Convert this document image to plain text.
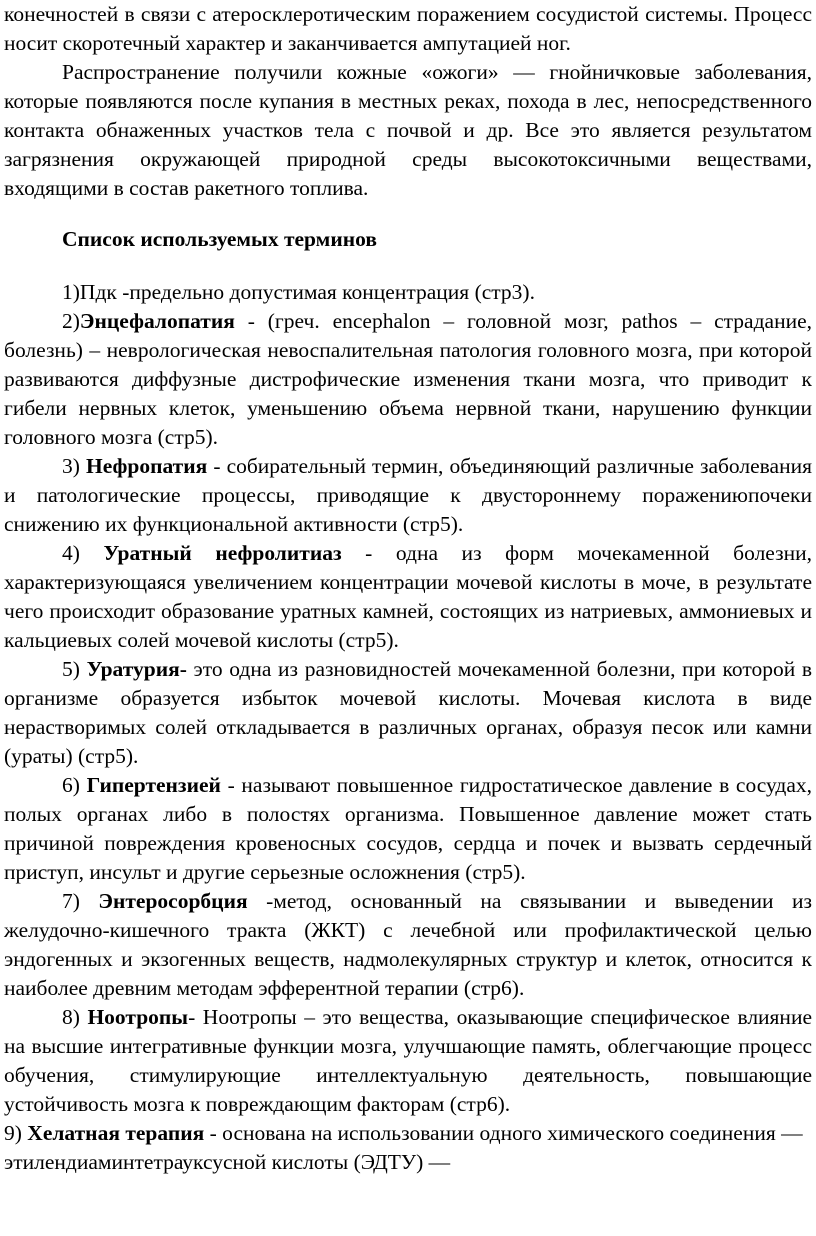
конечностей в связи с атеросклеротическим поражением сосудистой системы. Процесс носит скоротечный характер и заканчивается ампутацией ног.

Распространение получили кожные «ожоги» — гнойничковые заболевания, которые появляются после купания в местных реках, похода в лес, непосредственного контакта обнаженных участков тела с почвой и др. Все это является результатом загрязнения окружающей природной среды высокотоксичными веществами, входящими в состав ракетного топлива.

Список используемых терминов

1)Пдк -предельно допустимая концентрация (стр3).

2)Энцефалопатия - (греч. encephalon – головной мозг, pathos – страдание, болезнь) – неврологическая невоспалительная патология головного мозга, при которой развиваются диффузные дистрофические изменения ткани мозга, что приводит к гибели нервных клеток, уменьшению объема нервной ткани, нарушению функции головного мозга (стр5).

3) Нефропатия - собирательный термин, объединяющий различные заболевания и патологические процессы, приводящие к двустороннему поражениюпочеки снижению их функциональной активности (стр5).

4) Уратный нефролитиаз - одна из форм мочекаменной болезни, характеризующаяся увеличением концентрации мочевой кислоты в моче, в результате чего происходит образование уратных камней, состоящих из натриевых, аммониевых и кальциевых солей мочевой кислоты (стр5).

5) Уратурия- это одна из разновидностей мочекаменной болезни, при которой в организме образуется избыток мочевой кислоты. Мочевая кислота в виде нерастворимых солей откладывается в различных органах, образуя песок или камни (ураты) (стр5).

6) Гипертензией - называют повышенное гидростатическое давление в сосудах, полых органах либо в полостях организма. Повышенное давление может стать причиной повреждения кровеносных сосудов, сердца и почек и вызвать сердечный приступ, инсульт и другие серьезные осложнения (стр5).

7) Энтеросорбция -метод, основанный на связывании и выведении из желудочно-кишечного тракта (ЖКТ) с лечебной или профилактической целью эндогенных и экзогенных веществ, надмолекулярных структур и клеток, относится к наиболее древним методам эфферентной терапии (стр6).

8) Ноотропы- Ноотропы – это вещества, оказывающие специфическое влияние на высшие интегративные функции мозга, улучшающие память, облегчающие процесс обучения, стимулирующие интеллектуальную деятельность, повышающие устойчивость мозга к повреждающим факторам (стр6).

9) Хелатная терапия - основана на использовании одного химического соединения — этилендиаминтетрауксусной кислоты (ЭДТУ) —
